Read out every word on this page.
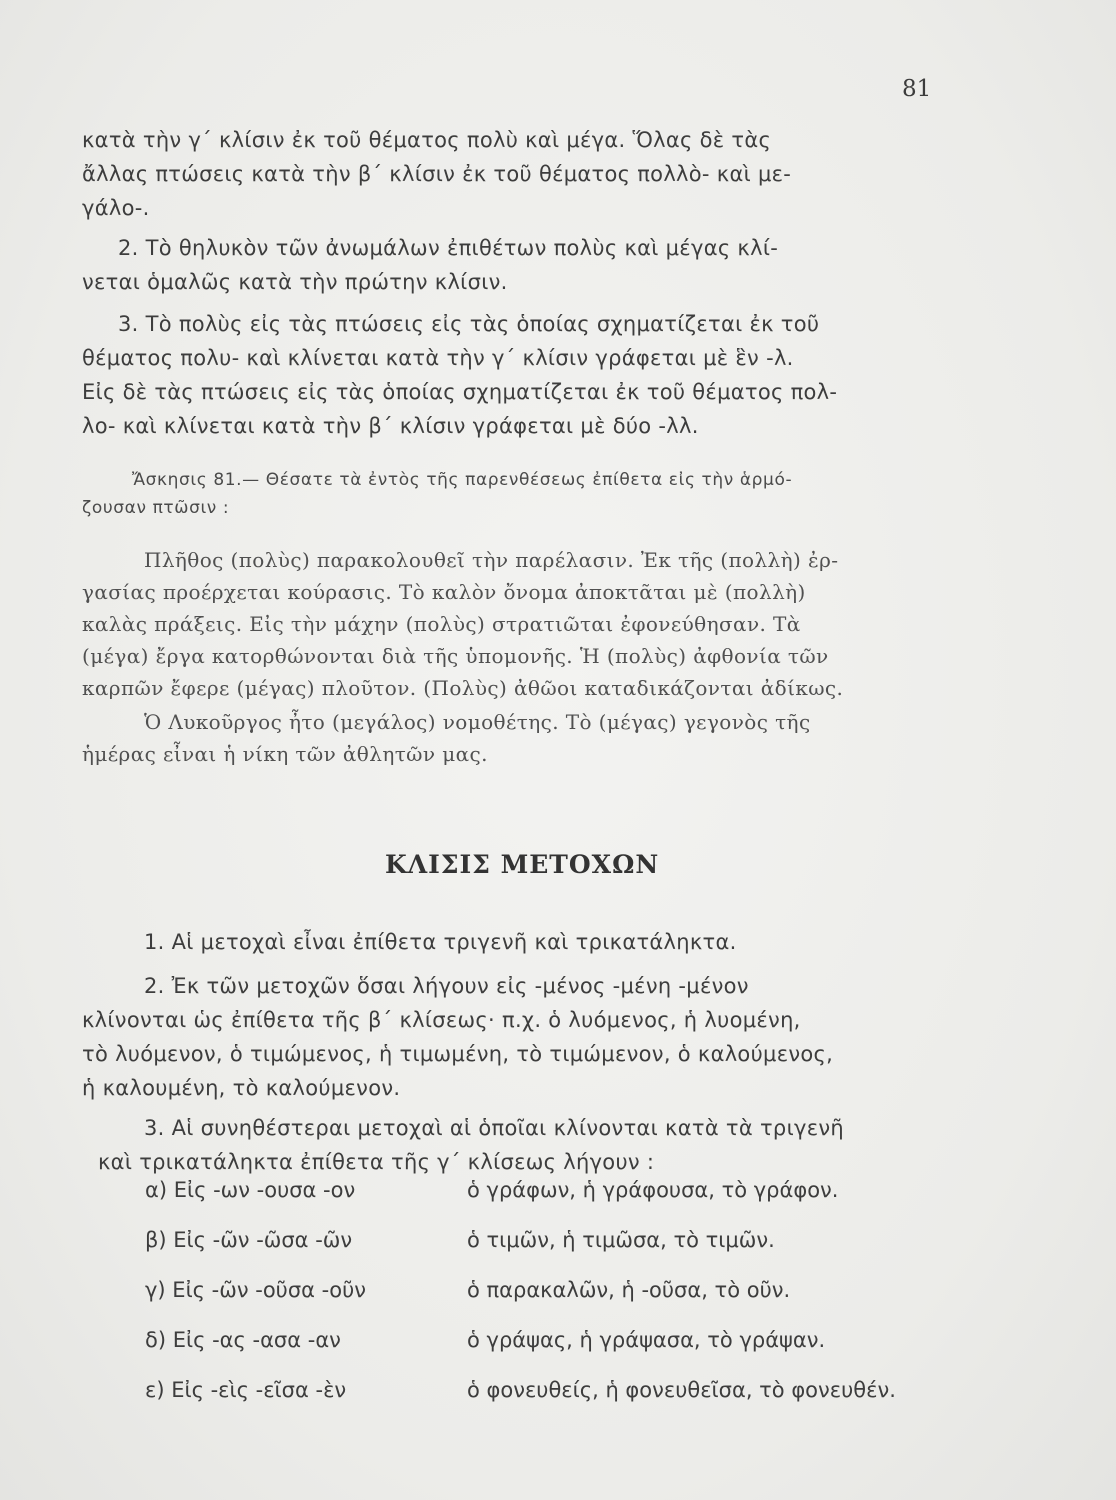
81
κατὰ τὴν γ΄ κλίσιν ἐκ τοῦ θέματος πολὺ καὶ μέγα. Ὅλας δὲ τὰς
ἄλλας πτώσεις κατὰ τὴν β΄ κλίσιν ἐκ τοῦ θέματος πολλὸ- καὶ με-
γάλο-.
2. Τὸ θηλυκὸν τῶν ἀνωμάλων ἐπιθέτων πολὺς καὶ μέγας κλί-
νεται ὁμαλῶς κατὰ τὴν πρώτην κλίσιν.
3. Τὸ πολὺς εἰς τὰς πτώσεις εἰς τὰς ὁποίας σχηματίζεται ἐκ τοῦ
θέματος πολυ- καὶ κλίνεται κατὰ τὴν γ΄ κλίσιν γράφεται μὲ ἓν -λ.
Εἰς δὲ τὰς πτώσεις εἰς τὰς ὁποίας σχηματίζεται ἐκ τοῦ θέματος πολ-
λο- καὶ κλίνεται κατὰ τὴν β΄ κλίσιν γράφεται μὲ δύο -λλ.
Ἄσκησις 81.— Θέσατε τὰ ἐντὸς τῆς παρενθέσεως ἐπίθετα εἰς τὴν ἁρμό-
ζουσαν πτῶσιν :
Πλῆθος (πολὺς) παρακολουθεῖ τὴν παρέλασιν. Ἐκ τῆς (πολλὴ) ἐρ-
γασίας προέρχεται κούρασις. Τὸ καλὸν ὄνομα ἀποκτᾶται μὲ (πολλὴ)
καλὰς πράξεις. Εἰς τὴν μάχην (πολὺς) στρατιῶται ἐφονεύθησαν. Τὰ
(μέγα) ἔργα κατορθώνονται διὰ τῆς ὑπομονῆς. Ἡ (πολὺς) ἀφθονία τῶν
καρπῶν ἔφερε (μέγας) πλοῦτον. (Πολὺς) ἀθῶοι καταδικάζονται ἀδίκως.
Ὁ Λυκοῦργος ἦτο (μεγάλος) νομοθέτης. Τὸ (μέγας) γεγονὸς τῆς
ἡμέρας εἶναι ἡ νίκη τῶν ἀθλητῶν μας.
ΚΛΙΣΙΣ ΜΕΤΟΧΩΝ
1. Αἱ μετοχαὶ εἶναι ἐπίθετα τριγενῆ καὶ τρικατάληκτα.
2. Ἐκ τῶν μετοχῶν ὅσαι λήγουν εἰς -μένος -μένη -μένον
κλίνονται ὡς ἐπίθετα τῆς β΄ κλίσεως· π.χ. ὁ λυόμενος, ἡ λυομένη,
τὸ λυόμενον, ὁ τιμώμενος, ἡ τιμωμένη, τὸ τιμώμενον, ὁ καλούμενος,
ἡ καλουμένη, τὸ καλούμενον.
3. Αἱ συνηθέστεραι μετοχαὶ αἱ ὁποῖαι κλίνονται κατὰ τὰ τριγενῆ
καὶ τρικατάληκτα ἐπίθετα τῆς γ΄ κλίσεως λήγουν :
α) Εἰς -ων -ουσα -ον	ὁ γράφων, ἡ γράφουσα, τὸ γράφον.
β) Εἰς -ῶν -ῶσα -ῶν	ὁ τιμῶν, ἡ τιμῶσα, τὸ τιμῶν.
γ) Εἰς -ῶν -οῦσα -οῦν	ὁ παρακαλῶν, ἡ -οῦσα, τὸ οῦν.
δ) Εἰς -ας -ασα -αν	ὁ γράψας, ἡ γράψασα, τὸ γράψαν.
ε) Εἰς -εὶς -εῖσα -ὲν	ὁ φονευθείς, ἡ φονευθεῖσα, τὸ φονευθέν.
